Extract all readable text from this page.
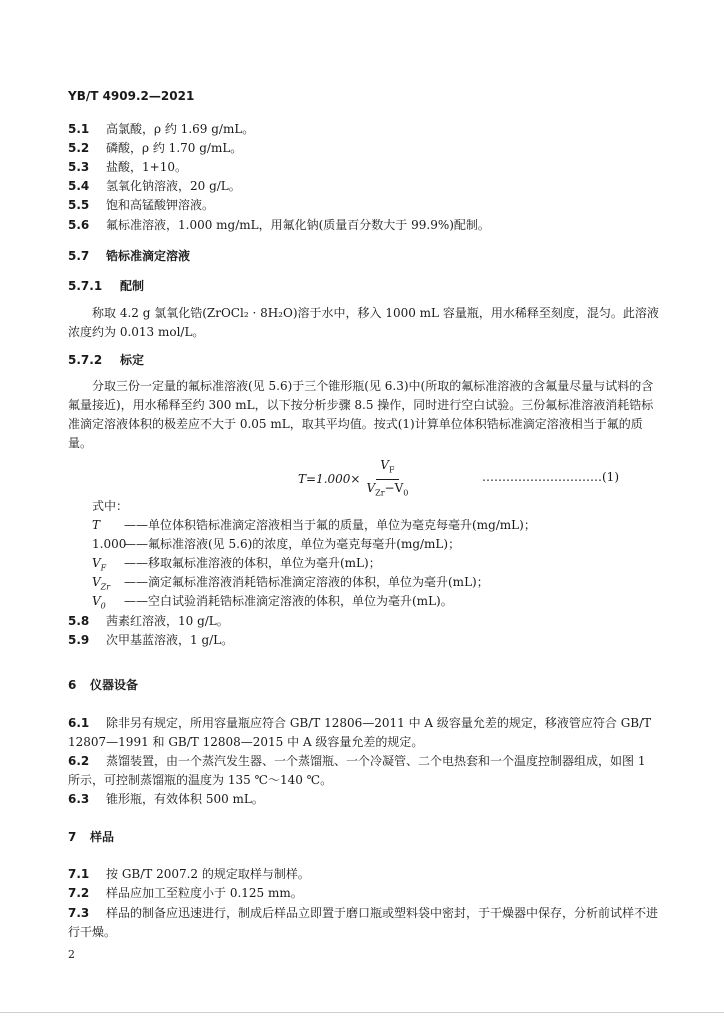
YB/T 4909.2—2021
5.1 高氯酸，ρ 约 1.69 g/mL。
5.2 磷酸，ρ 约 1.70 g/mL。
5.3 盐酸，1+10。
5.4 氢氧化钠溶液，20 g/L。
5.5 饱和高锰酸钾溶液。
5.6 氟标准溶液，1.000 mg/mL，用氟化钠(质量百分数大于 99.9%)配制。
5.7 锆标准滴定溶液
5.7.1 配制
称取 4.2 g 氯氧化锆(ZrOCl₂ · 8H₂O)溶于水中，移入 1000 mL 容量瓶，用水稀释至刻度，混匀。此溶液浓度约为 0.013 mol/L。
5.7.2 标定
分取三份一定量的氟标准溶液(见 5.6)于三个锥形瓶(见 6.3)中(所取的氟标准溶液的含氟量尽量与试料的含氟量接近)，用水稀释至约 300 mL，以下按分析步骤 8.5 操作，同时进行空白试验。三份氟标准溶液消耗锆标准滴定溶液体积的极差应不大于 0.05 mL，取其平均值。按式(1)计算单位体积锆标准滴定溶液相当于氟的质量。
$T=1.000\times \frac{V_F}{V_{Zr}-V_0}$	…………………………(1)
式中：
T ——单位体积锆标准滴定溶液相当于氟的质量，单位为毫克每毫升(mg/mL)；
1.000——氟标准溶液(见 5.6)的浓度，单位为毫克每毫升(mg/mL)；
$V_F$ ——移取氟标准溶液的体积，单位为毫升(mL)；
$V_{Zr}$ ——滴定氟标准溶液消耗锆标准滴定溶液的体积，单位为毫升(mL)；
$V_0$ ——空白试验消耗锆标准滴定溶液的体积，单位为毫升(mL)。
5.8 茜素红溶液，10 g/L。
5.9 次甲基蓝溶液，1 g/L。
6 仪器设备
6.1 除非另有规定，所用容量瓶应符合 GB/T 12806—2011 中 A 级容量允差的规定，移液管应符合 GB/T 12807—1991 和 GB/T 12808—2015 中 A 级容量允差的规定。
6.2 蒸馏装置，由一个蒸汽发生器、一个蒸馏瓶、一个冷凝管、二个电热套和一个温度控制器组成，如图 1 所示，可控制蒸馏瓶的温度为 135 ℃～140 ℃。
6.3 锥形瓶，有效体积 500 mL。
7 样品
7.1 按 GB/T 2007.2 的规定取样与制样。
7.2 样品应加工至粒度小于 0.125 mm。
7.3 样品的制备应迅速进行，制成后样品立即置于磨口瓶或塑料袋中密封，于干燥器中保存，分析前试样不进行干燥。
2
